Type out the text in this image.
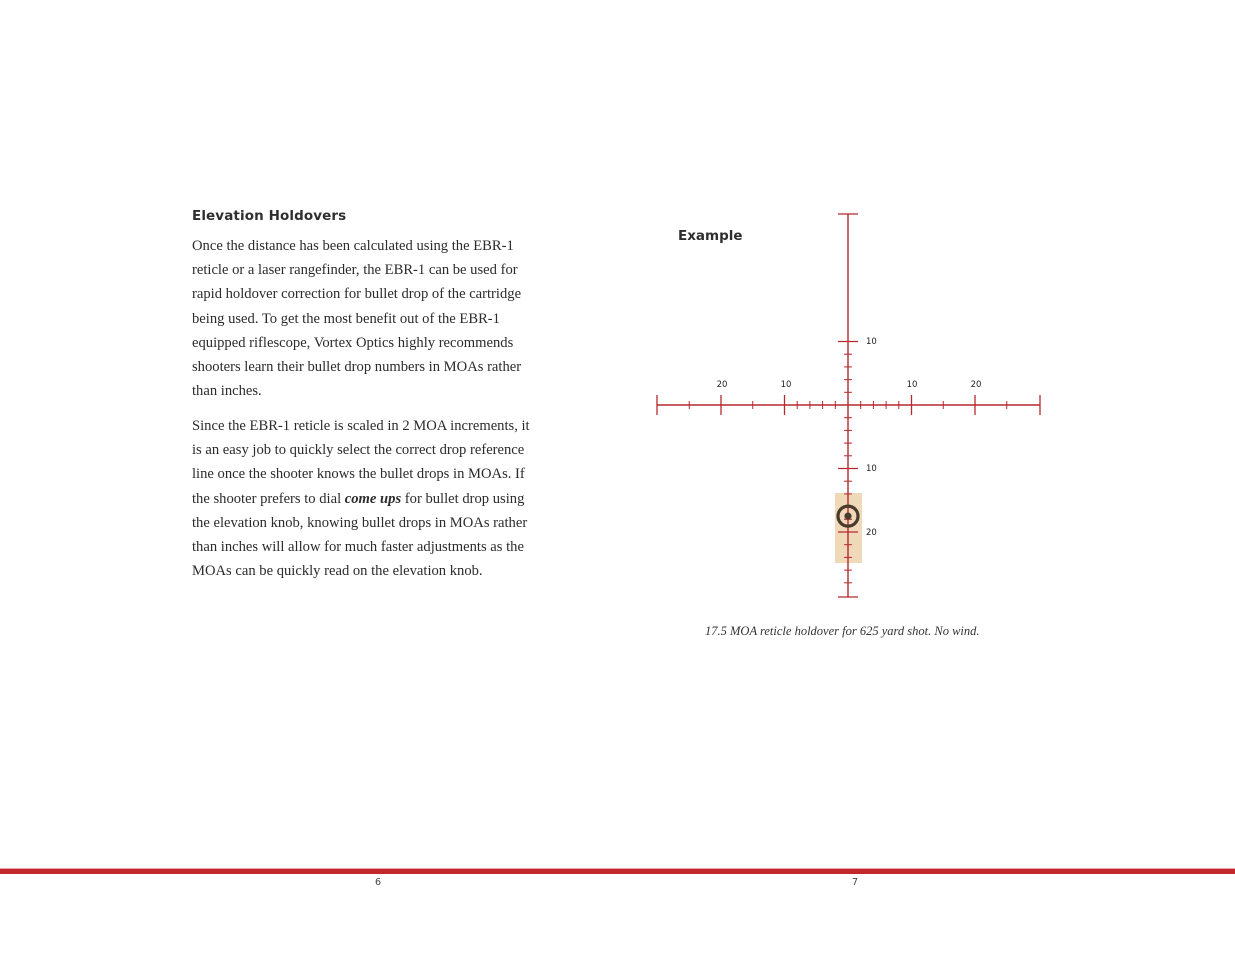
Elevation Holdovers

Once the distance has been calculated using the EBR-1 reticle or a laser rangefinder, the EBR-1 can be used for rapid holdover correction for bullet drop of the cartridge being used. To get the most benefit out of the EBR-1 equipped riflescope, Vortex Optics highly recommends shooters learn their bullet drop numbers in MOAs rather than inches.

Since the EBR-1 reticle is scaled in 2 MOA increments, it is an easy job to quickly select the correct drop reference line once the shooter knows the bullet drops in MOAs. If the shooter prefers to dial come ups for bullet drop using the elevation knob, knowing bullet drops in MOAs rather than inches will allow for much faster adjustments as the MOAs can be quickly read on the elevation knob.

Example
20	10	10	20
10
10
20
17.5 MOA reticle holdover for 625 yard shot. No wind.
6	7
